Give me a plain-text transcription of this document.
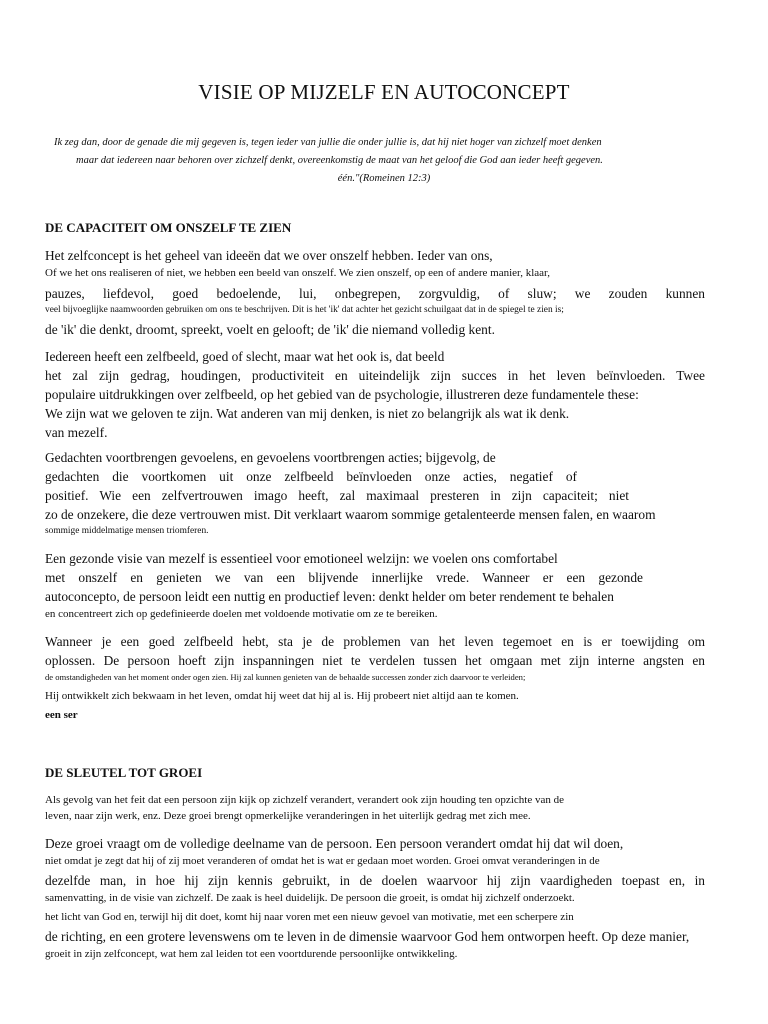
VISIE OP MIJZELF EN AUTOCONCEPT
Ik zeg dan, door de genade die mij gegeven is, tegen ieder van jullie die onder jullie is, dat hij niet hoger van zichzelf moet denken
maar dat iedereen naar behoren over zichzelf denkt, overeenkomstig de maat van het geloof die God aan ieder heeft gegeven.
één."(Romeinen 12:3)
DE CAPACITEIT OM ONSZELF TE ZIEN
Het zelfconcept is het geheel van ideeën dat we over onszelf hebben. Ieder van ons,
Of we het ons realiseren of niet, we hebben een beeld van onszelf. We zien onszelf, op een of andere manier, klaar,
pauzes, liefdevol, goed bedoelende, lui, onbegrepen, zorgvuldig, of sluw; we zouden kunnen
veel bijvoeglijke naamwoorden gebruiken om ons te beschrijven. Dit is het 'ik' dat achter het gezicht schuilgaat dat in de spiegel te zien is;
de 'ik' die denkt, droomt, spreekt, voelt en gelooft; de 'ik' die niemand volledig kent.
Iedereen heeft een zelfbeeld, goed of slecht, maar wat het ook is, dat beeld
het zal zijn gedrag, houdingen, productiviteit en uiteindelijk zijn succes in het leven beïnvloeden. Twee
populaire uitdrukkingen over zelfbeeld, op het gebied van de psychologie, illustreren deze fundamentele these:
We zijn wat we geloven te zijn. Wat anderen van mij denken, is niet zo belangrijk als wat ik denk.
van mezelf.
Gedachten voortbrengen gevoelens, en gevoelens voortbrengen acties; bijgevolg, de
gedachten die voortkomen uit onze zelfbeeld beïnvloeden onze acties, negatief of
positief. Wie een zelfvertrouwen imago heeft, zal maximaal presteren in zijn capaciteit; niet
zo de onzekere, die deze vertrouwen mist. Dit verklaart waarom sommige getalenteerde mensen falen, en waarom
sommige middelmatige mensen triomferen.
Een gezonde visie van mezelf is essentieel voor emotioneel welzijn: we voelen ons comfortabel
met onszelf en genieten we van een blijvende innerlijke vrede. Wanneer er een gezonde
autoconcepto, de persoon leidt een nuttig en productief leven: denkt helder om beter rendement te behalen
en concentreert zich op gedefinieerde doelen met voldoende motivatie om ze te bereiken.
Wanneer je een goed zelfbeeld hebt, sta je de problemen van het leven tegemoet en is er toewijding om
oplossen. De persoon hoeft zijn inspanningen niet te verdelen tussen het omgaan met zijn interne angsten en
de omstandigheden van het moment onder ogen zien. Hij zal kunnen genieten van de behaalde successen zonder zich daarvoor te verleiden;
Hij ontwikkelt zich bekwaam in het leven, omdat hij weet dat hij al is. Hij probeert niet altijd aan te komen.
een ser
DE SLEUTEL TOT GROEI
Als gevolg van het feit dat een persoon zijn kijk op zichzelf verandert, verandert ook zijn houding ten opzichte van de
leven, naar zijn werk, enz. Deze groei brengt opmerkelijke veranderingen in het uiterlijk gedrag met zich mee.
Deze groei vraagt om de volledige deelname van de persoon. Een persoon verandert omdat hij dat wil doen,
niet omdat je zegt dat hij of zij moet veranderen of omdat het is wat er gedaan moet worden. Groei omvat veranderingen in de
dezelfde man, in hoe hij zijn kennis gebruikt, in de doelen waarvoor hij zijn vaardigheden toepast en, in
samenvatting, in de visie van zichzelf. De zaak is heel duidelijk. De persoon die groeit, is omdat hij zichzelf onderzoekt.
het licht van God en, terwijl hij dit doet, komt hij naar voren met een nieuw gevoel van motivatie, met een scherpere zin
de richting, en een grotere levenswens om te leven in de dimensie waarvoor God hem ontworpen heeft. Op deze manier,
groeit in zijn zelfconcept, wat hem zal leiden tot een voortdurende persoonlijke ontwikkeling.
